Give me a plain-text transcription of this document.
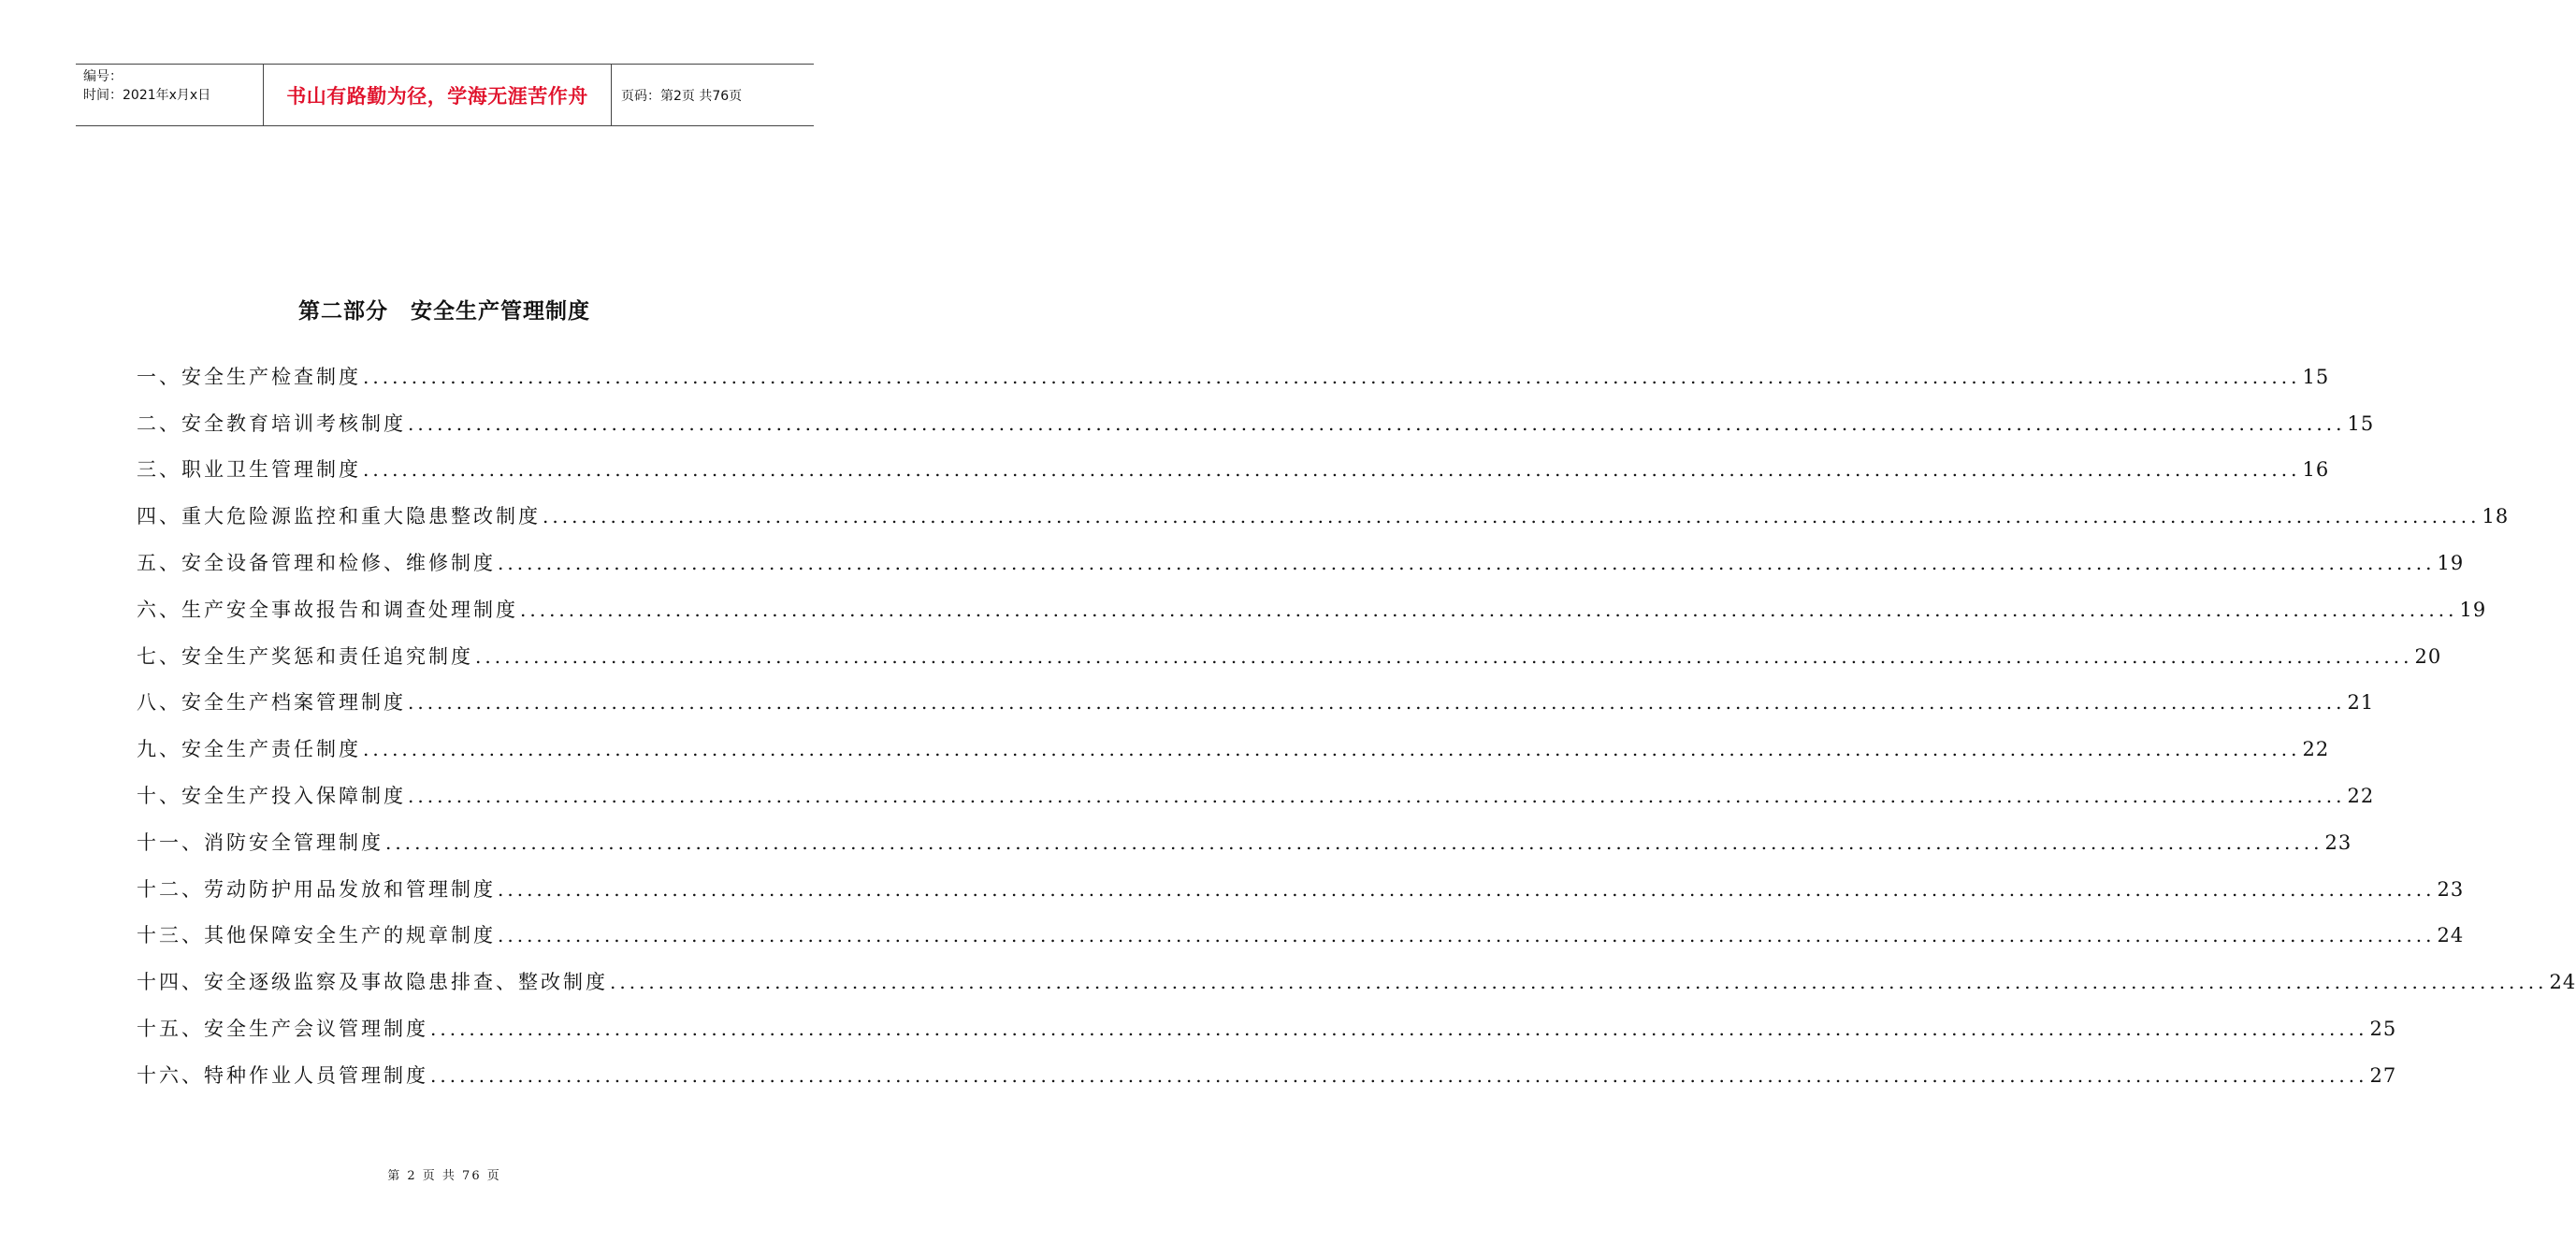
编号：
时间：2021年x月x日	书山有路勤为径，学海无涯苦作舟	页码：第2页 共76页
第二部分　安全生产管理制度
一、安全生产检查制度 ........................................................................................................................................................................................................ 15
二、安全教育培训考核制度 ........................................................................................................................................................................................................ 15
三、职业卫生管理制度 ........................................................................................................................................................................................................ 16
四、重大危险源监控和重大隐患整改制度 ........................................................................................................................................................................................................ 18
五、安全设备管理和检修、维修制度 ........................................................................................................................................................................................................ 19
六、生产安全事故报告和调查处理制度 ........................................................................................................................................................................................................ 19
七、安全生产奖惩和责任追究制度 ........................................................................................................................................................................................................ 20
八、安全生产档案管理制度 ........................................................................................................................................................................................................ 21
九、安全生产责任制度 ........................................................................................................................................................................................................ 22
十、安全生产投入保障制度 ........................................................................................................................................................................................................ 22
十一、消防安全管理制度 ........................................................................................................................................................................................................ 23
十二、劳动防护用品发放和管理制度 ........................................................................................................................................................................................................ 23
十三、其他保障安全生产的规章制度 ........................................................................................................................................................................................................ 24
十四、安全逐级监察及事故隐患排查、整改制度 ........................................................................................................................................................................................................ 24
十五、安全生产会议管理制度 ........................................................................................................................................................................................................ 25
十六、特种作业人员管理制度 ........................................................................................................................................................................................................ 27
第 2 页 共 76 页
